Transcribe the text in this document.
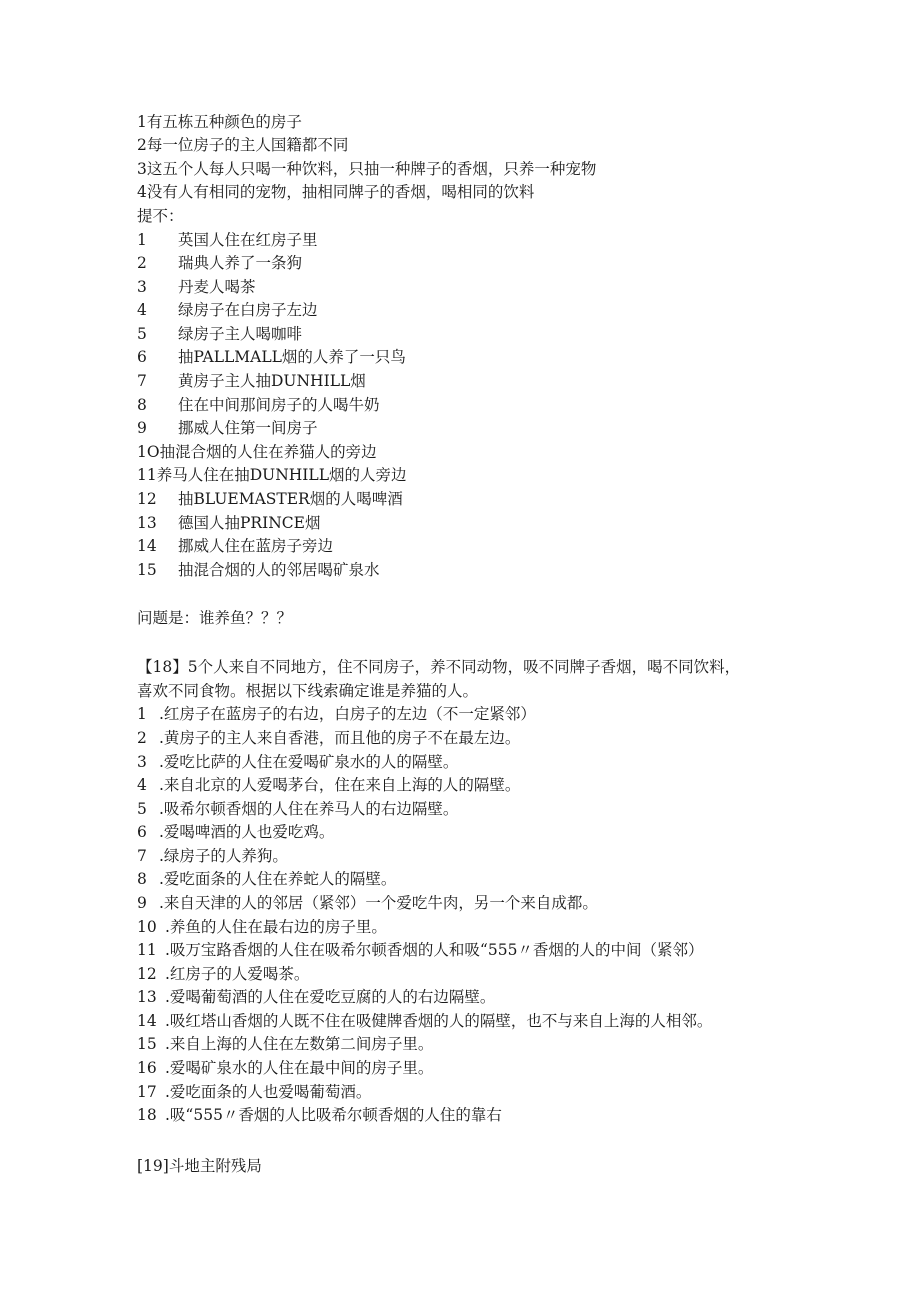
1有五栋五种颜色的房子
2每一位房子的主人国籍都不同
3这五个人每人只喝一种饮料，只抽一种牌子的香烟，只养一种宠物
4没有人有相同的宠物，抽相同牌子的香烟，喝相同的饮料
提不：
1 英国人住在红房子里
2 瑞典人养了一条狗
3 丹麦人喝茶
4 绿房子在白房子左边
5 绿房子主人喝咖啡
6 抽PALLMALL烟的人养了一只鸟
7 黄房子主人抽DUNHILL烟
8 住在中间那间房子的人喝牛奶
9 挪威人住第一间房子
1O抽混合烟的人住在养猫人的旁边
11养马人住在抽DUNHILL烟的人旁边
12 抽BLUEMASTER烟的人喝啤酒
13 德国人抽PRINCE烟
14 挪威人住在蓝房子旁边
15 抽混合烟的人的邻居喝矿泉水
问题是：谁养鱼？？？
【18】5个人来自不同地方，住不同房子，养不同动物，吸不同牌子香烟，喝不同饮料，
喜欢不同食物。根据以下线索确定谁是养猫的人。
1 .红房子在蓝房子的右边，白房子的左边（不一定紧邻）
2 .黄房子的主人来自香港，而且他的房子不在最左边。
3 .爱吃比萨的人住在爱喝矿泉水的人的隔壁。
4 .来自北京的人爱喝茅台，住在来自上海的人的隔壁。
5 .吸希尔顿香烟的人住在养马人的右边隔壁。
6 .爱喝啤酒的人也爱吃鸡。
7 .绿房子的人养狗。
8 .爱吃面条的人住在养蛇人的隔壁。
9 .来自天津的人的邻居（紧邻）一个爱吃牛肉，另一个来自成都。
10 .养鱼的人住在最右边的房子里。
11 .吸万宝路香烟的人住在吸希尔顿香烟的人和吸“555〃香烟的人的中间（紧邻）
12 .红房子的人爱喝茶。
13 .爱喝葡萄酒的人住在爱吃豆腐的人的右边隔壁。
14 .吸红塔山香烟的人既不住在吸健牌香烟的人的隔壁，也不与来自上海的人相邻。
15 .来自上海的人住在左数第二间房子里。
16 .爱喝矿泉水的人住在最中间的房子里。
17 .爱吃面条的人也爱喝葡萄酒。
18 .吸“555〃香烟的人比吸希尔顿香烟的人住的靠右
[19]斗地主附残局
